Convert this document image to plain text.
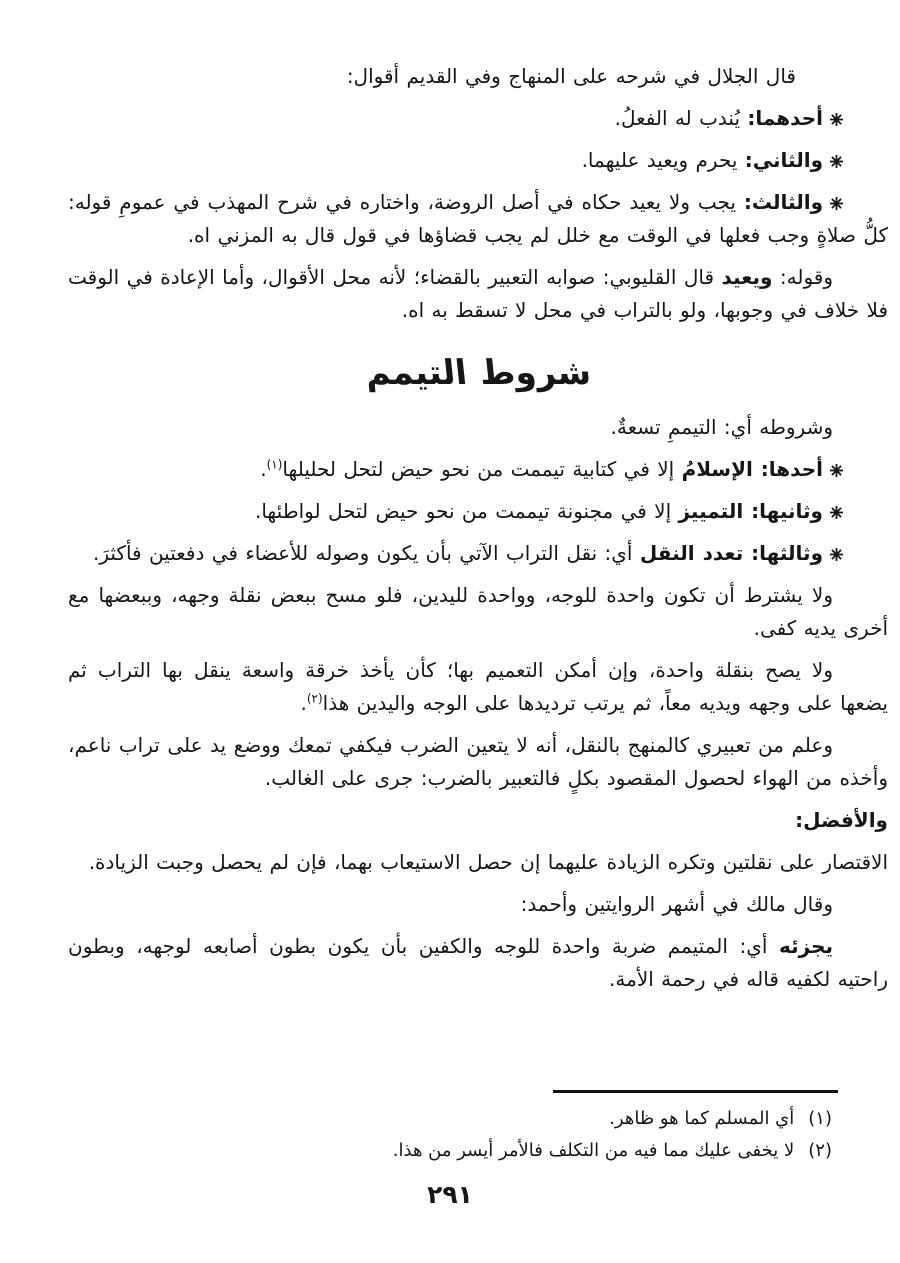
قال الجلال في شرحه على المنهاج وفي القديم أقوال:
أحدهما: يُندب له الفعلُ.
والثاني: يحرم ويعيد عليهما.
والثالث: يجب ولا يعيد حكاه في أصل الروضة، واختاره في شرح المهذب في عمومِ قوله: كلُّ صلاةٍ وجب فعلها في الوقت مع خلل لم يجب قضاؤها في قول قال به المزني اه.
وقوله: ويعيد قال القليوبي: صوابه التعبير بالقضاء؛ لأنه محل الأقوال، وأما الإعادة في الوقت فلا خلاف في وجوبها، ولو بالتراب في محل لا تسقط به اه.
شروط التيمم
وشروطه أي: التيممِ تسعةٌ.
أحدها: الإسلامُ إلا في كتابية تيممت من نحو حيض لتحل لحليلها$^{(١)}$.
وثانيها: التمييز إلا في مجنونة تيممت من نحو حيض لتحل لواطئها.
وثالثها: تعدد النقل أي: نقل التراب الآتي بأن يكون وصوله للأعضاء في دفعتين فأكثرَ.
ولا يشترط أن تكون واحدة للوجه، وواحدة لليدين، فلو مسح ببعض نقلة وجهه، وببعضها مع أخرى يديه كفى.
ولا يصح بنقلة واحدة، وإن أمكن التعميم بها؛ كأن يأخذ خرقة واسعة ينقل بها التراب ثم يضعها على وجهه ويديه معاً، ثم يرتب ترديدها على الوجه واليدين هذا$^{(٢)}$.
وعلم من تعبيري كالمنهج بالنقل، أنه لا يتعين الضرب فيكفي تمعك ووضع يد على تراب ناعم، وأخذه من الهواء لحصول المقصود بكلٍ فالتعبير بالضرب: جرى على الغالب.
والأفضل:
الاقتصار على نقلتين وتكره الزيادة عليهما إن حصل الاستيعاب بهما، فإن لم يحصل وجبت الزيادة.
وقال مالك في أشهر الروايتين وأحمد:
يجزئه أي: المتيمم ضربة واحدة للوجه والكفين بأن يكون بطون أصابعه لوجهه، وبطون راحتيه لكفيه قاله في رحمة الأمة.
(١)
أي المسلم كما هو ظاهر.
(٢)
لا يخفى عليك مما فيه من التكلف فالأمر أيسر من هذا.
٢٩١
